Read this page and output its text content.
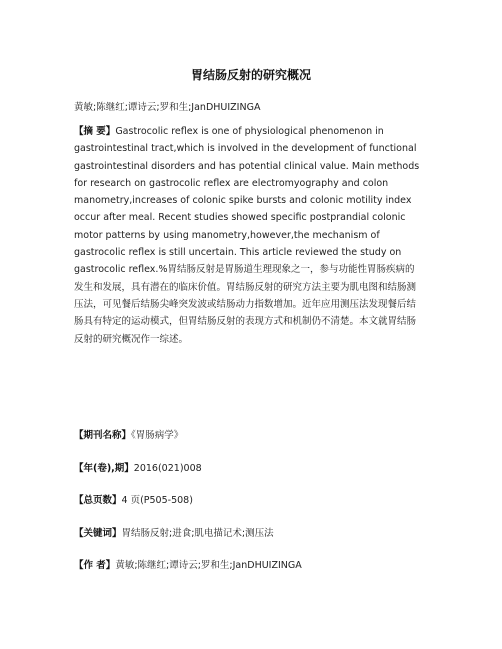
胃结肠反射的研究概况
黄敏;陈继红;谭诗云;罗和生;JanDHUIZINGA
【摘 要】Gastrocolic reflex is one of physiological phenomenon in
gastrointestinal tract,which is involved in the development of functional
gastrointestinal disorders and has potential clinical value. Main methods
for research on gastrocolic reflex are electromyography and colon
manometry,increases of colonic spike bursts and colonic motility index
occur after meal. Recent studies showed specific postprandial colonic
motor patterns by using manometry,however,the mechanism of
gastrocolic reflex is still uncertain. This article reviewed the study on
gastrocolic reflex.%胃结肠反射是胃肠道生理现象之一，参与功能性胃肠疾病的
发生和发展，具有潜在的临床价值。胃结肠反射的研究方法主要为肌电图和结肠测
压法，可见餐后结肠尖峰突发波或结肠动力指数增加。近年应用测压法发现餐后结
肠具有特定的运动模式，但胃结肠反射的表现方式和机制仍不清楚。本文就胃结肠
反射的研究概况作一综述。
【期刊名称】《胃肠病学》
【年(卷),期】2016(021)008
【总页数】4 页(P505-508)
【关键词】胃结肠反射;进食;肌电描记术;测压法
【作 者】黄敏;陈继红;谭诗云;罗和生;JanDHUIZINGA
